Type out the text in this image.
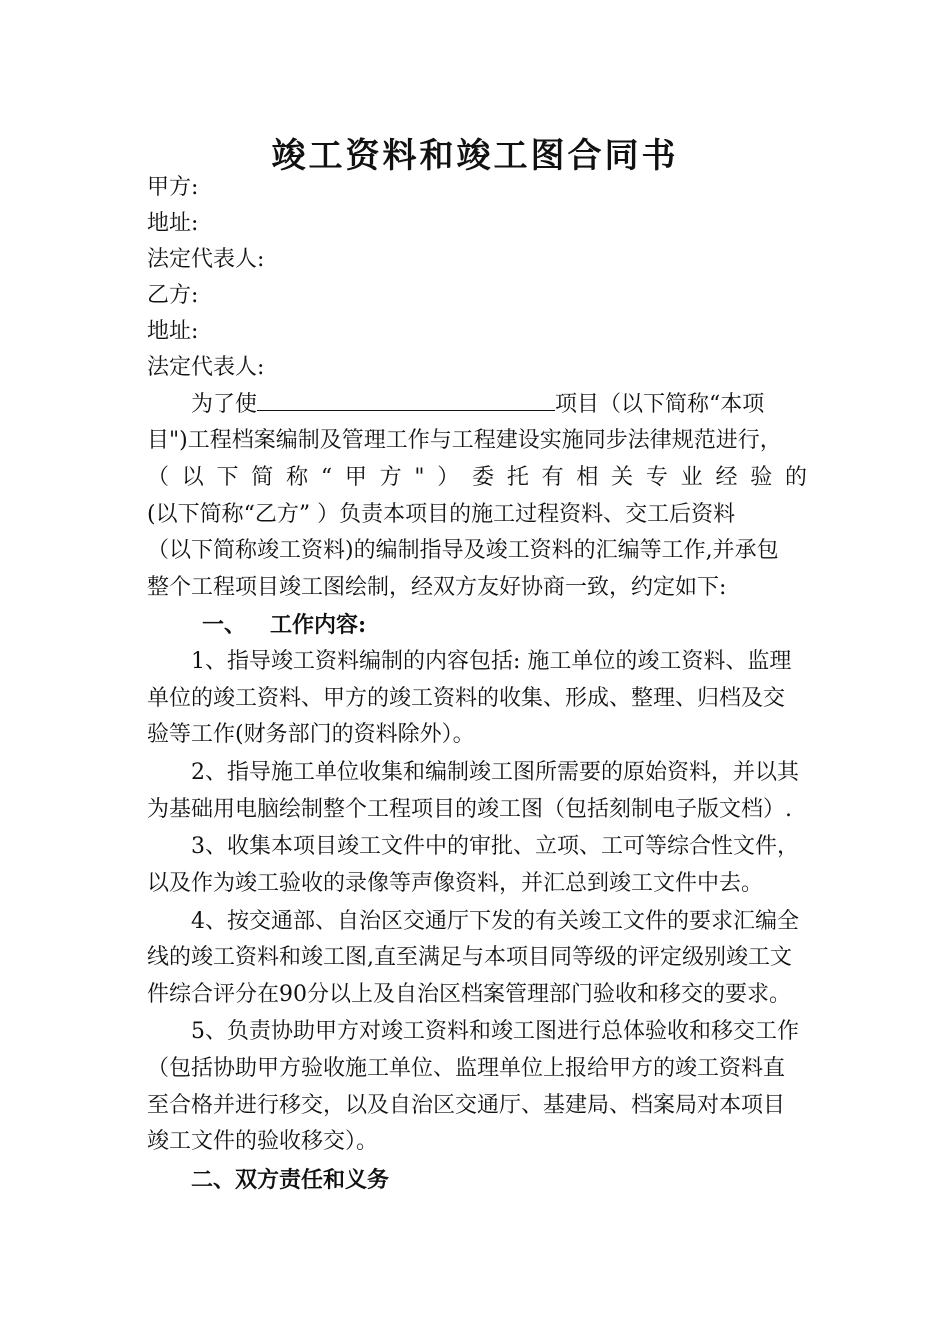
竣工资料和竣工图合同书

甲方:

地址:

法定代表人:

乙方:

地址:

法定代表人:

为了使	项目（以下简称“本项

目")工程档案编制及管理工作与工程建设实施同步法律规范进行，

（以下简称“甲方"）委托有相关专业经验的

(以下简称“乙方” ）负责本项目的施工过程资料、交工后资料

（以下简称竣工资料)的编制指导及竣工资料的汇编等工作,并承包

整个工程项目竣工图绘制，经双方友好协商一致，约定如下:

一、 工作内容:

1、指导竣工资料编制的内容包括: 施工单位的竣工资料、监理

单位的竣工资料、甲方的竣工资料的收集、形成、整理、归档及交

验等工作(财务部门的资料除外）。

2、指导施工单位收集和编制竣工图所需要的原始资料，并以其

为基础用电脑绘制整个工程项目的竣工图（包括刻制电子版文档）.

3、收集本项目竣工文件中的审批、立项、工可等综合性文件，

以及作为竣工验收的录像等声像资料，并汇总到竣工文件中去。

4、按交通部、自治区交通厅下发的有关竣工文件的要求汇编全

线的竣工资料和竣工图,直至满足与本项目同等级的评定级别竣工文

件综合评分在90分以上及自治区档案管理部门验收和移交的要求。

5、负责协助甲方对竣工资料和竣工图进行总体验收和移交工作

（包括协助甲方验收施工单位、监理单位上报给甲方的竣工资料直

至合格并进行移交，以及自治区交通厅、基建局、档案局对本项目

竣工文件的验收移交）。

二、双方责任和义务
